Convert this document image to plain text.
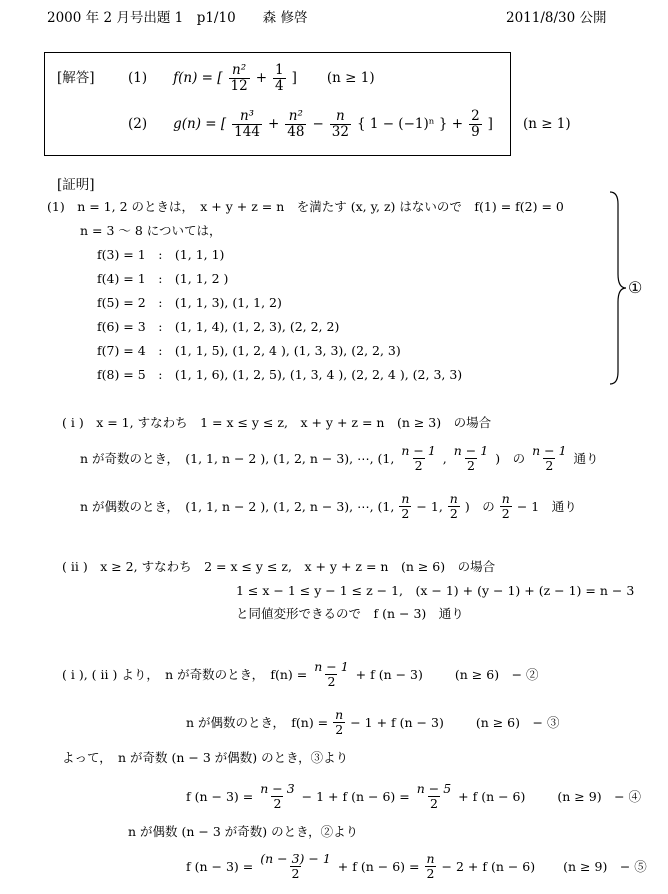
2000 年 2 月号出題 1　p1/10　　森 修啓	2011/8/30 公開
[解答] (1) f(n) = [ $\frac{\text{n²}}{12} + \frac{1}{4}$ ] (n ≥ 1)
(2) g(n) = [ $\frac{\text{n³}}{144} + \frac{\text{n²}}{48} - \frac{n}{32}$ { 1 − (−1)ⁿ } + $\frac{2}{9}$ ] (n ≥ 1)
[証明]
(1)　n = 1, 2 のときは，　x + y + z = n　を満たす (x, y, z) はないので　f(1) = f(2) = 0
n = 3 ～ 8 については，
f(3) = 1　:　(1, 1, 1)
f(4) = 1　:　(1, 1, 2 )
f(5) = 2　:　(1, 1, 3), (1, 1, 2)
f(6) = 3　:　(1, 1, 4), (1, 2, 3), (2, 2, 2)
f(7) = 4　:　(1, 1, 5), (1, 2, 4 ), (1, 3, 3), (2, 2, 3)
f(8) = 5　:　(1, 1, 6), (1, 2, 5), (1, 3, 4 ), (2, 2, 4 ), (2, 3, 3)
①
( i )　x = 1, すなわち　1 = x ≤ y ≤ z,　x + y + z = n　(n ≥ 3)　の場合
n が奇数のとき，　(1, 1, n − 2 ), (1, 2, n − 3), ⋯, (1, $\frac{n - 1}{2}$ , $\frac{n - 1}{2}$ )　の $\frac{n - 1}{2}$ 通り
n が偶数のとき，　(1, 1, n − 2 ), (1, 2, n − 3), ⋯, (1, $\frac{n}{2} - 1$, $\frac{n}{2}$ )　の $\frac{n}{2} - 1$　通り
( ii )　x ≥ 2, すなわち　2 = x ≤ y ≤ z,　x + y + z = n　(n ≥ 6)　の場合
1 ≤ x − 1 ≤ y − 1 ≤ z − 1,　(x − 1) + (y − 1) + (z − 1) = n − 3
と同値変形できるので　f (n − 3)　通り
( i ), ( ii ) より，　n が奇数のとき，　$f(n) = \frac{n - 1}{2} + f$ (n − 3)	(n ≥ 6)　− ②
n が偶数のとき，　$f(n) = \frac{n}{2} - 1 + f$ (n − 3)	(n ≥ 6)　− ③
よって，　n が奇数 (n − 3 が偶数) のとき，③より
f $(n - 3) = \frac{n - 3}{2} - 1 + f$ $(n - 6) = \frac{n - 5}{2} + f$ (n − 6)	(n ≥ 9)　− ④
n が偶数 (n − 3 が奇数) のとき，②より
f $(n - 3) = \frac{(n - 3) - 1}{2} + f$ $(n - 6) = \frac{n}{2} - 2 + f$ (n − 6) (n ≥ 9)　− ⑤
